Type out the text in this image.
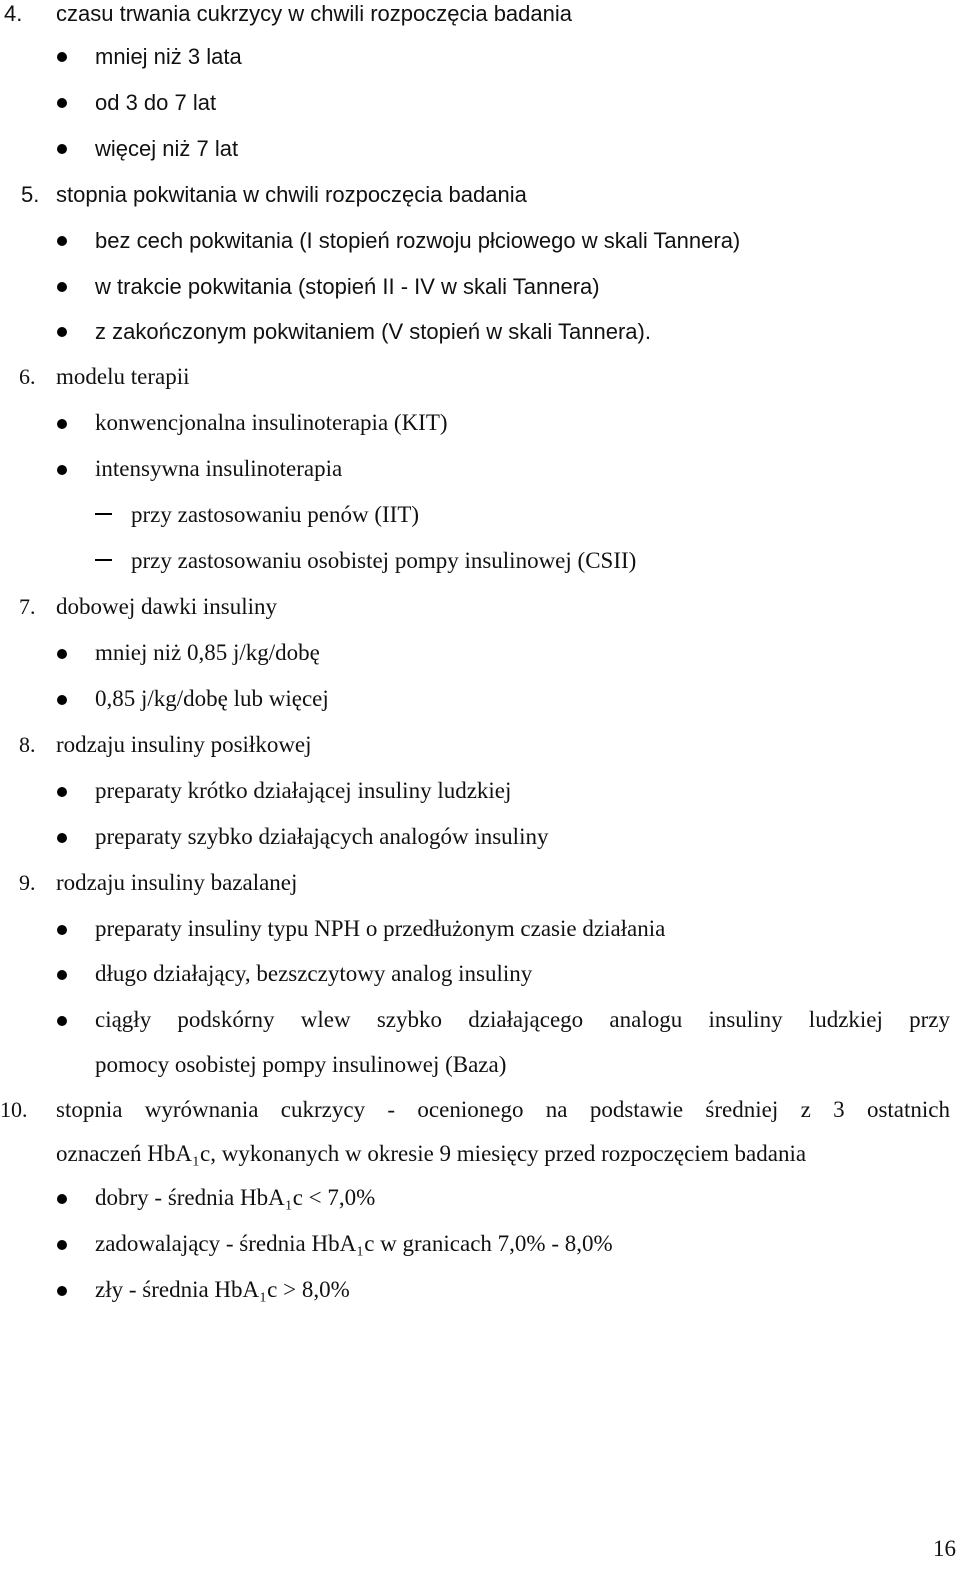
4. czasu trwania cukrzycy w chwili rozpoczęcia badania
mniej niż 3 lata
od 3 do 7 lat
więcej niż 7 lat
5. stopnia pokwitania w chwili rozpoczęcia badania
bez cech pokwitania (I stopień rozwoju płciowego w skali Tannera)
w trakcie pokwitania (stopień II - IV w skali Tannera)
z zakończonym pokwitaniem (V stopień w skali Tannera).
6. modelu terapii
konwencjonalna insulinoterapia (KIT)
intensywna insulinoterapia
przy zastosowaniu penów (IIT)
przy zastosowaniu osobistej pompy insulinowej (CSII)
7. dobowej dawki insuliny
mniej niż 0,85 j/kg/dobę
0,85 j/kg/dobę lub więcej
8. rodzaju insuliny posiłkowej
preparaty krótko działającej insuliny ludzkiej
preparaty szybko działających analogów insuliny
9. rodzaju insuliny bazalanej
preparaty insuliny typu NPH o przedłużonym czasie działania
długo działający, bezszczytowy analog insuliny
ciągły podskórny wlew szybko działającego analogu insuliny ludzkiej przy
pomocy osobistej pompy insulinowej (Baza)
10. stopnia wyrównania cukrzycy - ocenionego na podstawie średniej z 3 ostatnich
oznaczeń HbA₁c, wykonanych w okresie 9 miesięcy przed rozpoczęciem badania
dobry - średnia HbA₁c < 7,0%
zadowalający - średnia HbA₁c w granicach 7,0% - 8,0%
zły - średnia HbA₁c > 8,0%
16
